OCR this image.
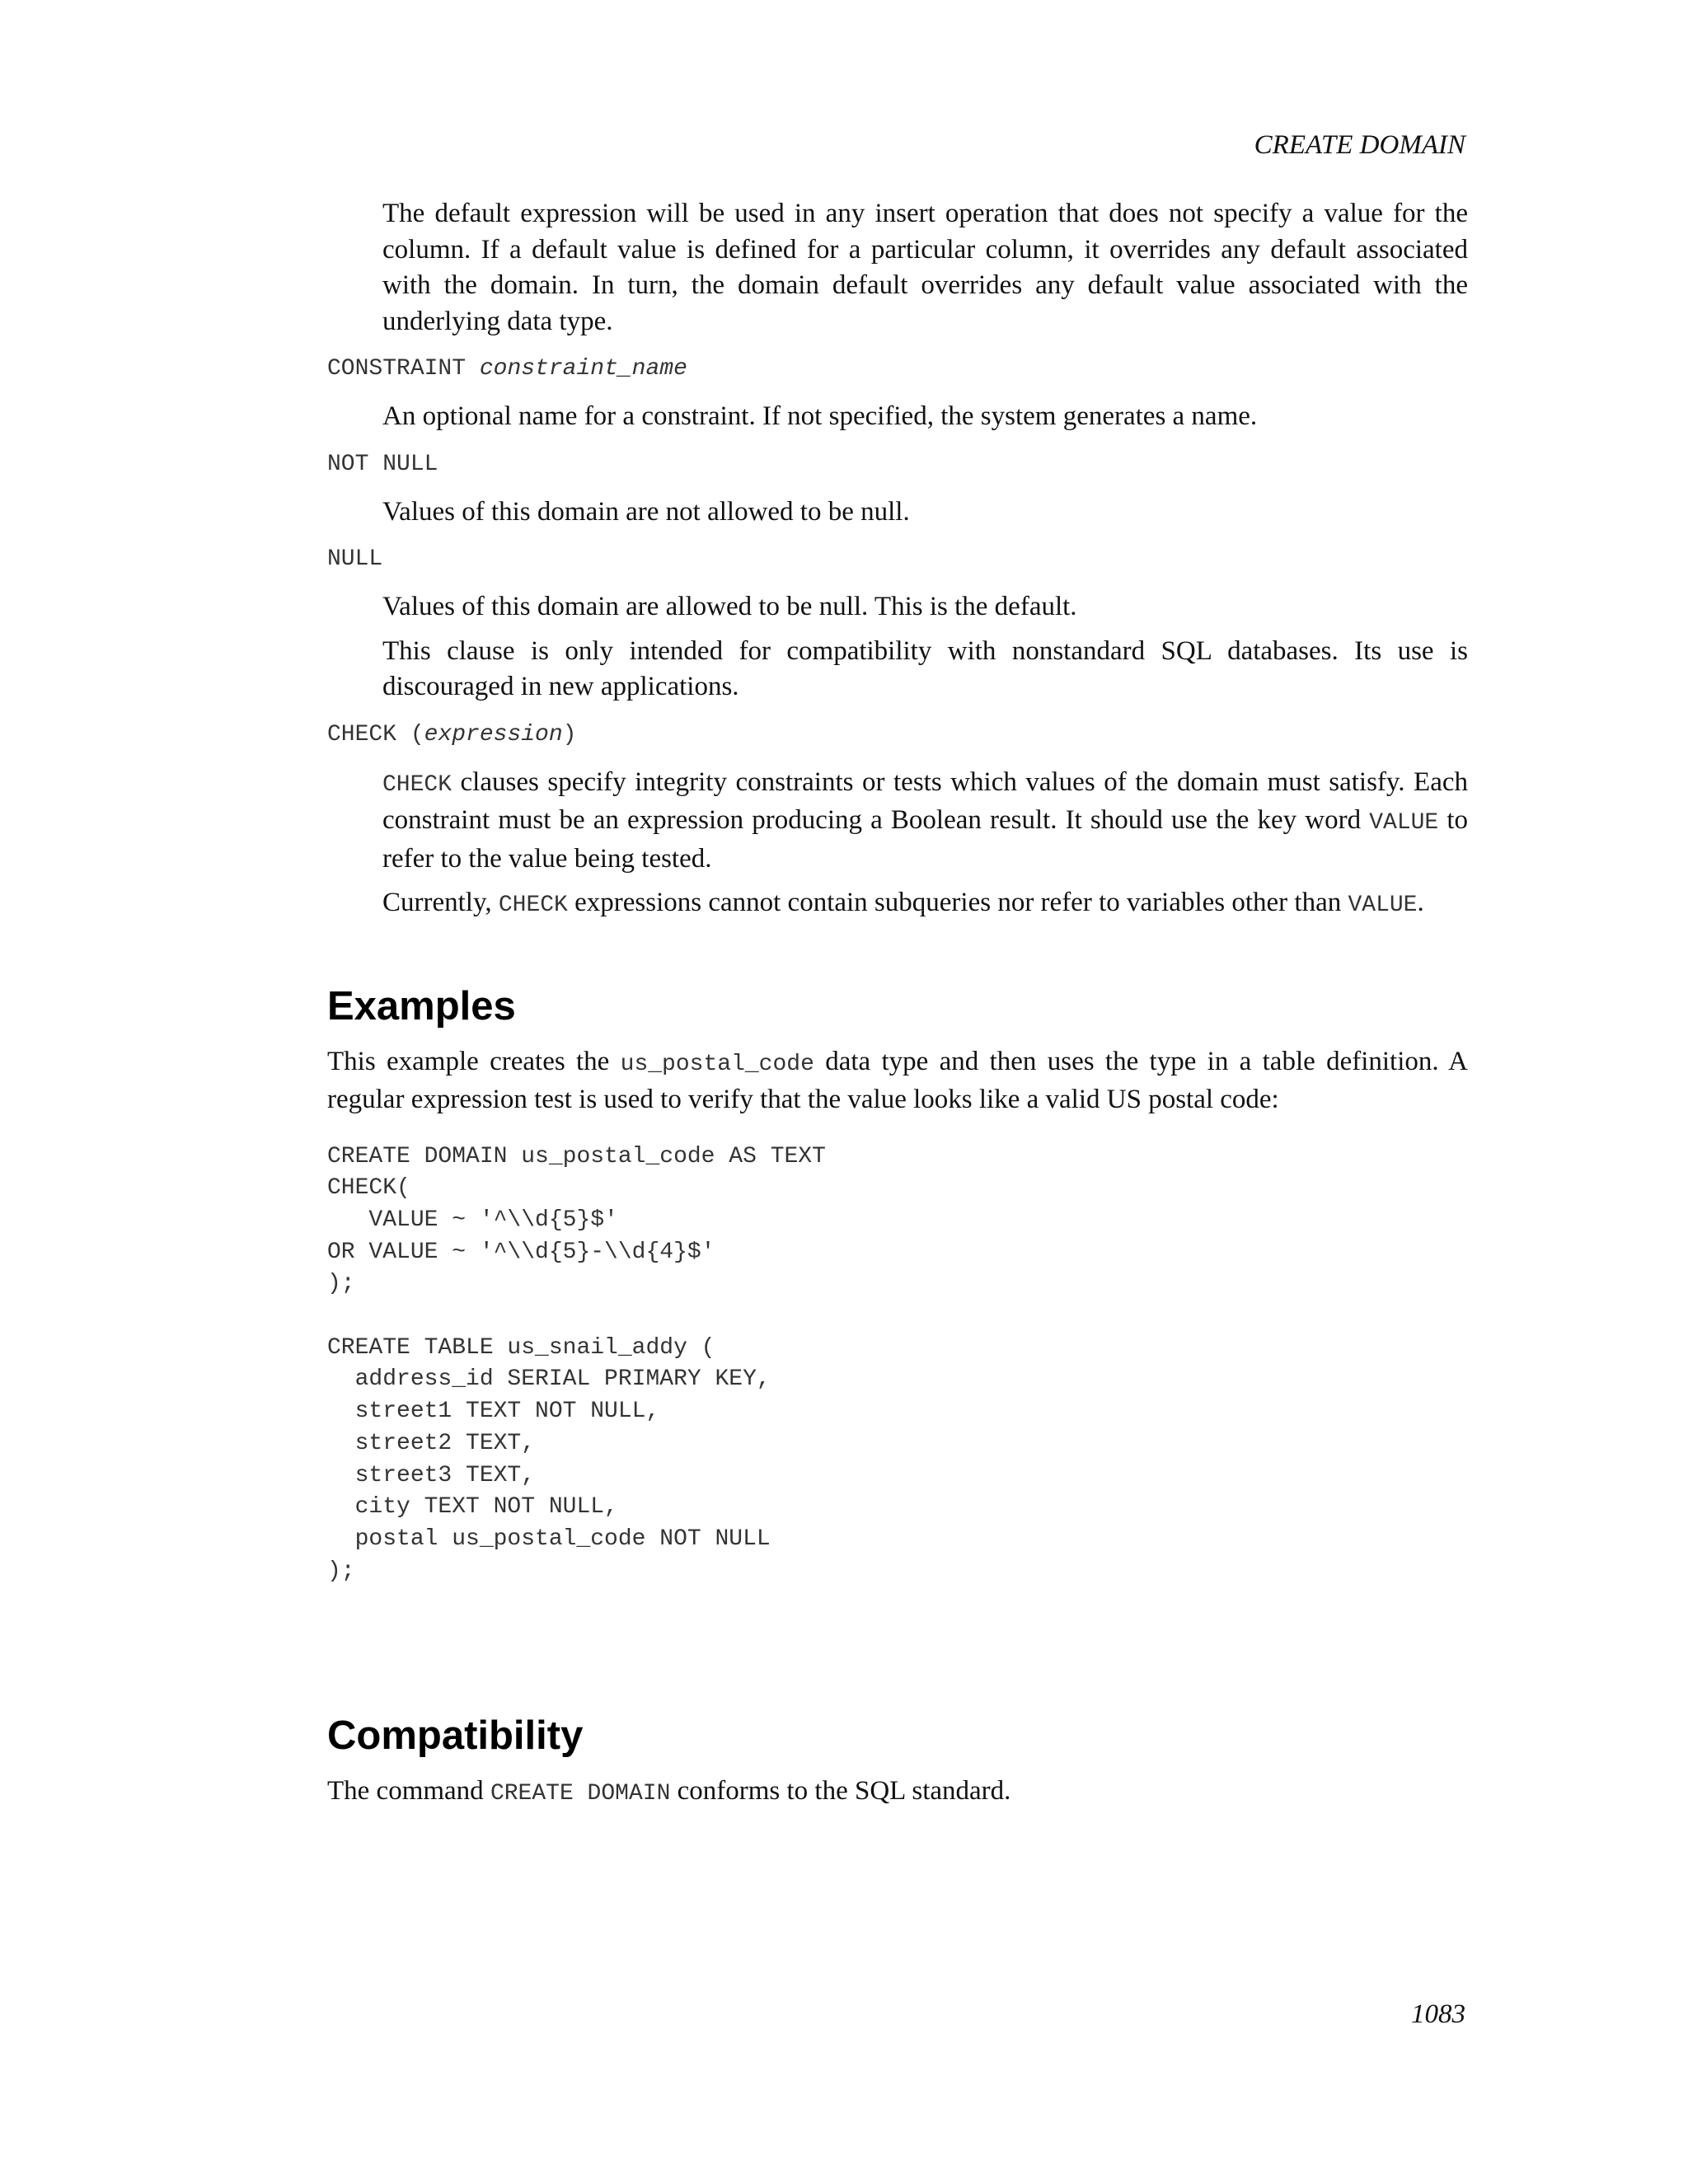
CREATE DOMAIN

The default expression will be used in any insert operation that does not specify a value for the column. If a default value is defined for a particular column, it overrides any default associated with the domain. In turn, the domain default overrides any default value associated with the underlying data type.

CONSTRAINT constraint_name

An optional name for a constraint. If not specified, the system generates a name.

NOT NULL

Values of this domain are not allowed to be null.

NULL

Values of this domain are allowed to be null. This is the default.

This clause is only intended for compatibility with nonstandard SQL databases. Its use is discouraged in new applications.

CHECK (expression)

CHECK clauses specify integrity constraints or tests which values of the domain must satisfy. Each constraint must be an expression producing a Boolean result. It should use the key word VALUE to refer to the value being tested.

Currently, CHECK expressions cannot contain subqueries nor refer to variables other than VALUE.

Examples

This example creates the us_postal_code data type and then uses the type in a table definition. A regular expression test is used to verify that the value looks like a valid US postal code:

CREATE DOMAIN us_postal_code AS TEXT
CHECK(
VALUE ~ '^\\d{5}$'
OR VALUE ~ '^\\d{5}-\\d{4}$'
);

CREATE TABLE us_snail_addy (
address_id SERIAL PRIMARY KEY,
street1 TEXT NOT NULL,
street2 TEXT,
street3 TEXT,
city TEXT NOT NULL,
postal us_postal_code NOT NULL
);
Compatibility

The command CREATE DOMAIN conforms to the SQL standard.

1083
